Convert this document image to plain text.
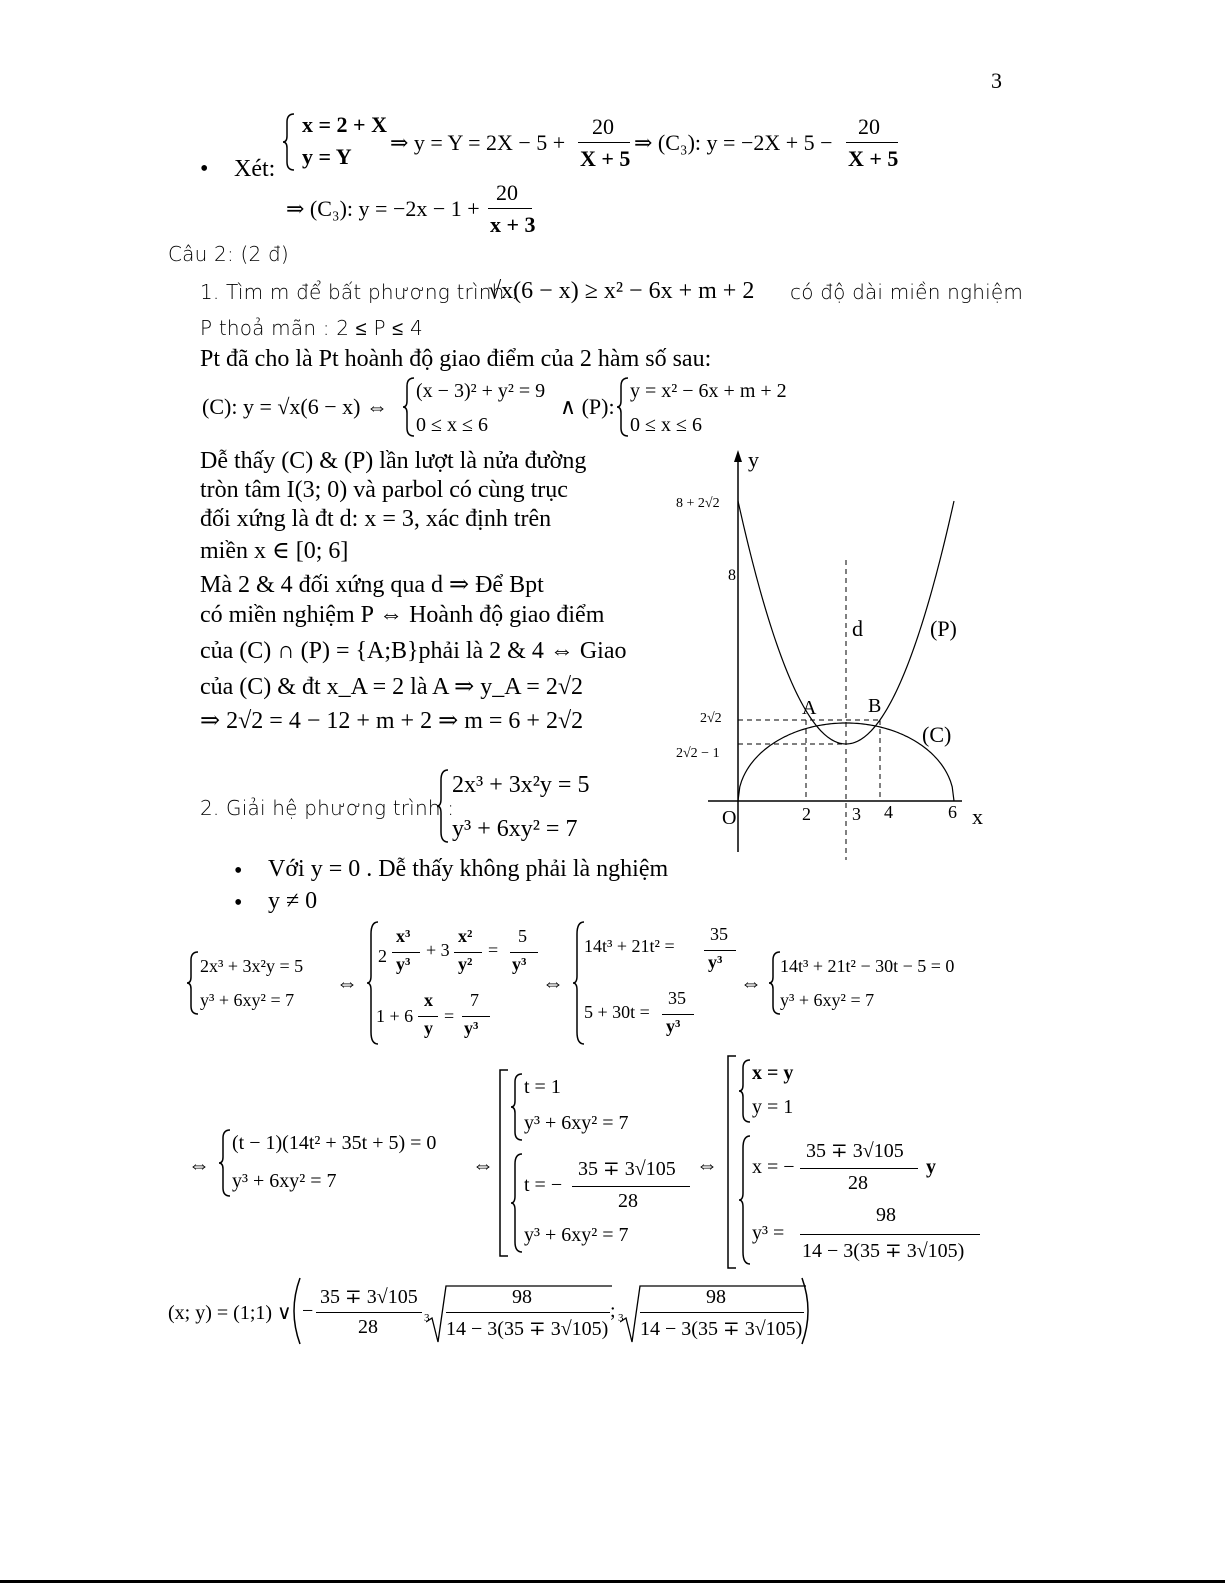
3
• Xét:
x = 2 + X
y = Y
⇒ y = Y = 2X − 5 +
20
X + 5
⇒ (C₃): y = −2X + 5 −
20
X + 5
⇒ (C₃): y = −2x − 1 +
20
x + 3
Câu 2: (2 đ)
1. Tìm m để bất phương trình :
√x(6 − x) ≥ x² − 6x + m + 2 có độ dài miền nghiệm
P thoả mãn : 2 ≤ P ≤ 4
Pt đã cho là Pt hoành độ giao điểm của 2 hàm số sau:
(C): y = √x(6 − x) ⇔
(x − 3)² + y² = 9
0 ≤ x ≤ 6
∧ (P):
y = x² − 6x + m + 2
0 ≤ x ≤ 6
Dễ thấy (C) & (P) lần lượt là nửa đường
tròn tâm I(3; 0) và parbol có cùng trục
đối xứng là đt d: x = 3, xác định trên
miền x ∈ [0; 6]
Mà 2 & 4 đối xứng qua d ⇒ Để Bpt
có miền nghiệm P ⇔ Hoành độ giao điểm
của (C) ∩ (P) = {A;B}phải là 2 & 4 ⇔ Giao
của (C) & đt x_A = 2 là A ⇒ y_A = 2√2
⇒ 2√2 = 4 − 12 + m + 2 ⇒ m = 6 + 2√2
y
x
O
8 + 2√2
8
2√2
2√2 − 1
2 3 4	6
d	(P)
(C)
A	B
2. Giải hệ phương trình :
2x³ + 3x²y = 5
y³ + 6xy² = 7
• Với y = 0 . Dễ thấy không phải là nghiệm
• y ≠ 0
2x³ + 3x²y = 5
y³ + 6xy² = 7
⇔
2
x³
y³
+ 3
x²
y²
=
5
y³
1 + 6
x
y
=
7
y³
⇔
14t³ + 21t² =
35
y³
5 + 30t =
35
y³
⇔
14t³ + 21t² − 30t − 5 = 0
y³ + 6xy² = 7
⇔
(t − 1)(14t² + 35t + 5) = 0
y³ + 6xy² = 7
⇔
t = 1
y³ + 6xy² = 7
t = −
35 ∓ 3√105
28
y³ + 6xy² = 7
⇔
x = y
y = 1
x = −
35 ∓ 3√105
28
y
y³ =
98
14 − 3(35 ∓ 3√105)
(x; y) = (1;1) ∨ −
35 ∓ 3√105
28	3
98
14 − 3(35 ∓ 3√105)
; 3
98
14 − 3(35 ∓ 3√105)
